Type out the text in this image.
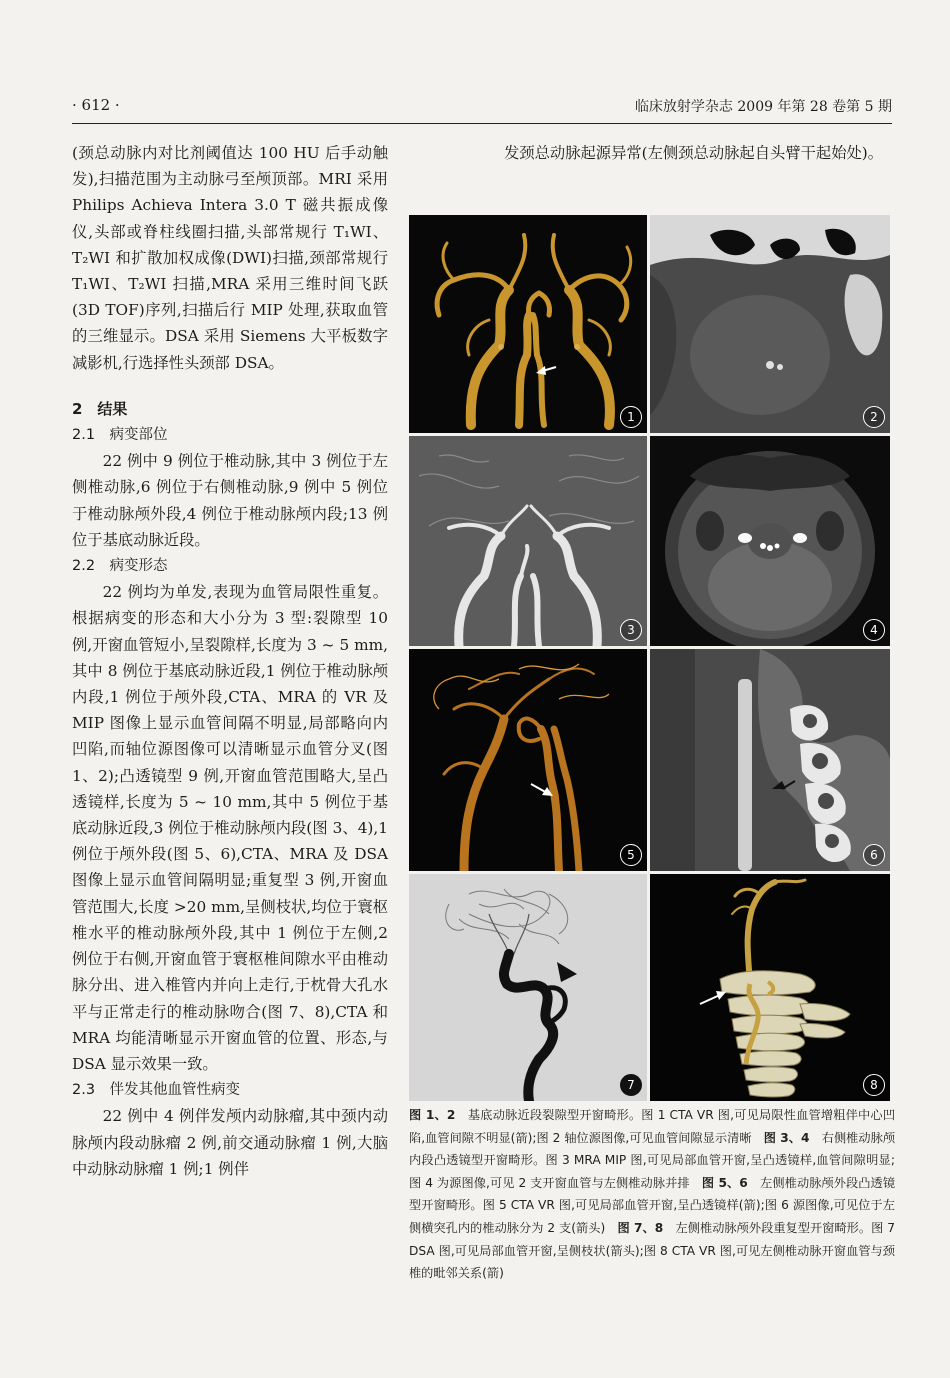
· 612 ·	临床放射学杂志 2009 年第 28 卷第 5 期

(颈总动脉内对比剂阈值达 100 HU 后手动触发),扫描范围为主动脉弓至颅顶部。MRI 采用 Philips Achieva Intera 3.0 T 磁共振成像仪,头部或脊柱线圈扫描,头部常规行 T₁WI、T₂WI 和扩散加权成像(DWI)扫描,颈部常规行 T₁WI、T₂WI 扫描,MRA 采用三维时间飞跃(3D TOF)序列,扫描后行 MIP 处理,获取血管的三维显示。DSA 采用 Siemens 大平板数字减影机,行选择性头颈部 DSA。

2　结果

2.1　病变部位

22 例中 9 例位于椎动脉,其中 3 例位于左侧椎动脉,6 例位于右侧椎动脉,9 例中 5 例位于椎动脉颅外段,4 例位于椎动脉颅内段;13 例位于基底动脉近段。

2.2　病变形态

22 例均为单发,表现为血管局限性重复。根据病变的形态和大小分为 3 型:裂隙型 10 例,开窗血管短小,呈裂隙样,长度为 3 ~ 5 mm,其中 8 例位于基底动脉近段,1 例位于椎动脉颅内段,1 例位于颅外段,CTA、MRA 的 VR 及 MIP 图像上显示血管间隔不明显,局部略向内凹陷,而轴位源图像可以清晰显示血管分叉(图 1、2);凸透镜型 9 例,开窗血管范围略大,呈凸透镜样,长度为 5 ~ 10 mm,其中 5 例位于基底动脉近段,3 例位于椎动脉颅内段(图 3、4),1 例位于颅外段(图 5、6),CTA、MRA 及 DSA 图像上显示血管间隔明显;重复型 3 例,开窗血管范围大,长度 >20 mm,呈侧枝状,均位于寰枢椎水平的椎动脉颅外段,其中 1 例位于左侧,2 例位于右侧,开窗血管于寰枢椎间隙水平由椎动脉分出、进入椎管内并向上走行,于枕骨大孔水平与正常走行的椎动脉吻合(图 7、8),CTA 和 MRA 均能清晰显示开窗血管的位置、形态,与 DSA 显示效果一致。

2.3　伴发其他血管性病变

22 例中 4 例伴发颅内动脉瘤,其中颈内动脉颅内段动脉瘤 2 例,前交通动脉瘤 1 例,大脑中动脉动脉瘤 1 例;1 例伴

发颈总动脉起源异常(左侧颈总动脉起自头臂干起始处)。

1	2
3	4
5	6
7	8
图 1、2　基底动脉近段裂隙型开窗畸形。图 1 CTA VR 图,可见局限性血管增粗伴中心凹陷,血管间隙不明显(箭);图 2 轴位源图像,可见血管间隙显示清晰　图 3、4　右侧椎动脉颅内段凸透镜型开窗畸形。图 3 MRA MIP 图,可见局部血管开窗,呈凸透镜样,血管间隙明显;图 4 为源图像,可见 2 支开窗血管与左侧椎动脉并排　图 5、6　左侧椎动脉颅外段凸透镜型开窗畸形。图 5 CTA VR 图,可见局部血管开窗,呈凸透镜样(箭);图 6 源图像,可见位于左侧横突孔内的椎动脉分为 2 支(箭头)　图 7、8　左侧椎动脉颅外段重复型开窗畸形。图 7 DSA 图,可见局部血管开窗,呈侧枝状(箭头);图 8 CTA VR 图,可见左侧椎动脉开窗血管与颈椎的毗邻关系(箭)
